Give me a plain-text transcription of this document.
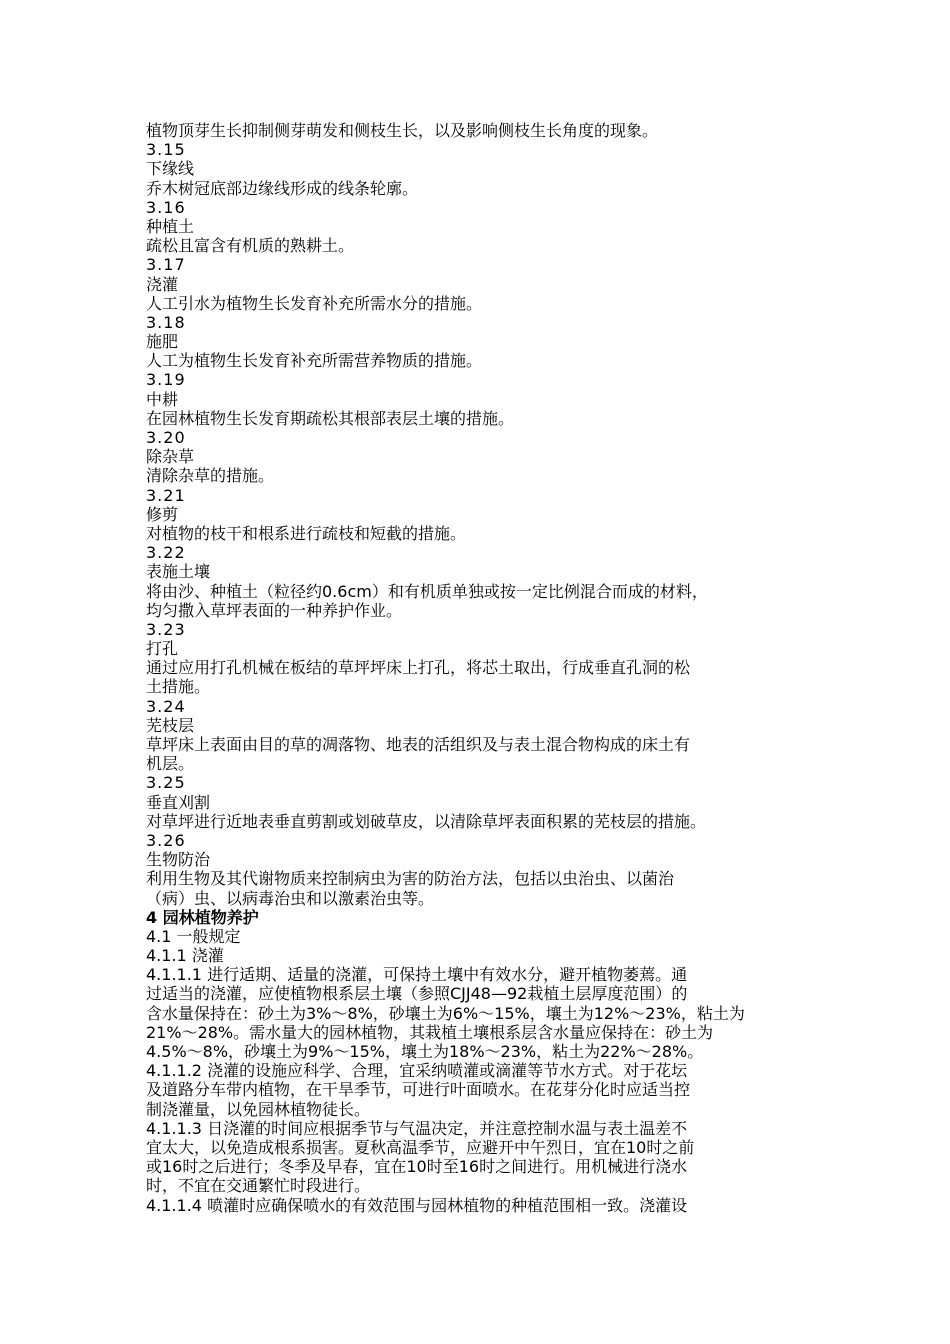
植物顶芽生长抑制侧芽萌发和侧枝生长，以及影响侧枝生长角度的现象。
3.15
下缘线
乔木树冠底部边缘线形成的线条轮廓。
3.16
种植土
疏松且富含有机质的熟耕土。
3.17
浇灌
人工引水为植物生长发育补充所需水分的措施。
3.18
施肥
人工为植物生长发育补充所需营养物质的措施。
3.19
中耕
在园林植物生长发育期疏松其根部表层土壤的措施。
3.20
除杂草
清除杂草的措施。
3.21
修剪
对植物的枝干和根系进行疏枝和短截的措施。
3.22
表施土壤
将由沙、种植土（粒径约0.6cm）和有机质单独或按一定比例混合而成的材料，
均匀撒入草坪表面的一种养护作业。
3.23
打孔
通过应用打孔机械在板结的草坪坪床上打孔，将芯土取出，行成垂直孔洞的松
土措施。
3.24
芜枝层
草坪床上表面由目的草的凋落物、地表的活组织及与表土混合物构成的床土有
机层。
3.25
垂直刈割
对草坪进行近地表垂直剪割或划破草皮，以清除草坪表面积累的芜枝层的措施。
3.26
生物防治
利用生物及其代谢物质来控制病虫为害的防治方法，包括以虫治虫、以菌治
（病）虫、以病毒治虫和以激素治虫等。
4 园林植物养护
4.1 一般规定
4.1.1 浇灌
4.1.1.1 进行适期、适量的浇灌，可保持土壤中有效水分，避开植物萎蔫。通
过适当的浇灌，应使植物根系层土壤（参照CJJ48—92栽植土层厚度范围）的
含水量保持在：砂土为3%～8%，砂壤土为6%～15%，壤土为12%～23%，粘土为
21%～28%。需水量大的园林植物，其栽植土壤根系层含水量应保持在：砂土为
4.5%～8%，砂壤土为9%～15%，壤土为18%～23%，粘土为22%～28%。
4.1.1.2 浇灌的设施应科学、合理，宜采纳喷灌或滴灌等节水方式。对于花坛
及道路分车带内植物，在干旱季节，可进行叶面喷水。在花芽分化时应适当控
制浇灌量，以免园林植物徒长。
4.1.1.3 日浇灌的时间应根据季节与气温决定，并注意控制水温与表土温差不
宜太大，以免造成根系损害。夏秋高温季节，应避开中午烈日，宜在10时之前
或16时之后进行；冬季及早春，宜在10时至16时之间进行。用机械进行浇水
时，不宜在交通繁忙时段进行。
4.1.1.4 喷灌时应确保喷水的有效范围与园林植物的种植范围相一致。浇灌设
